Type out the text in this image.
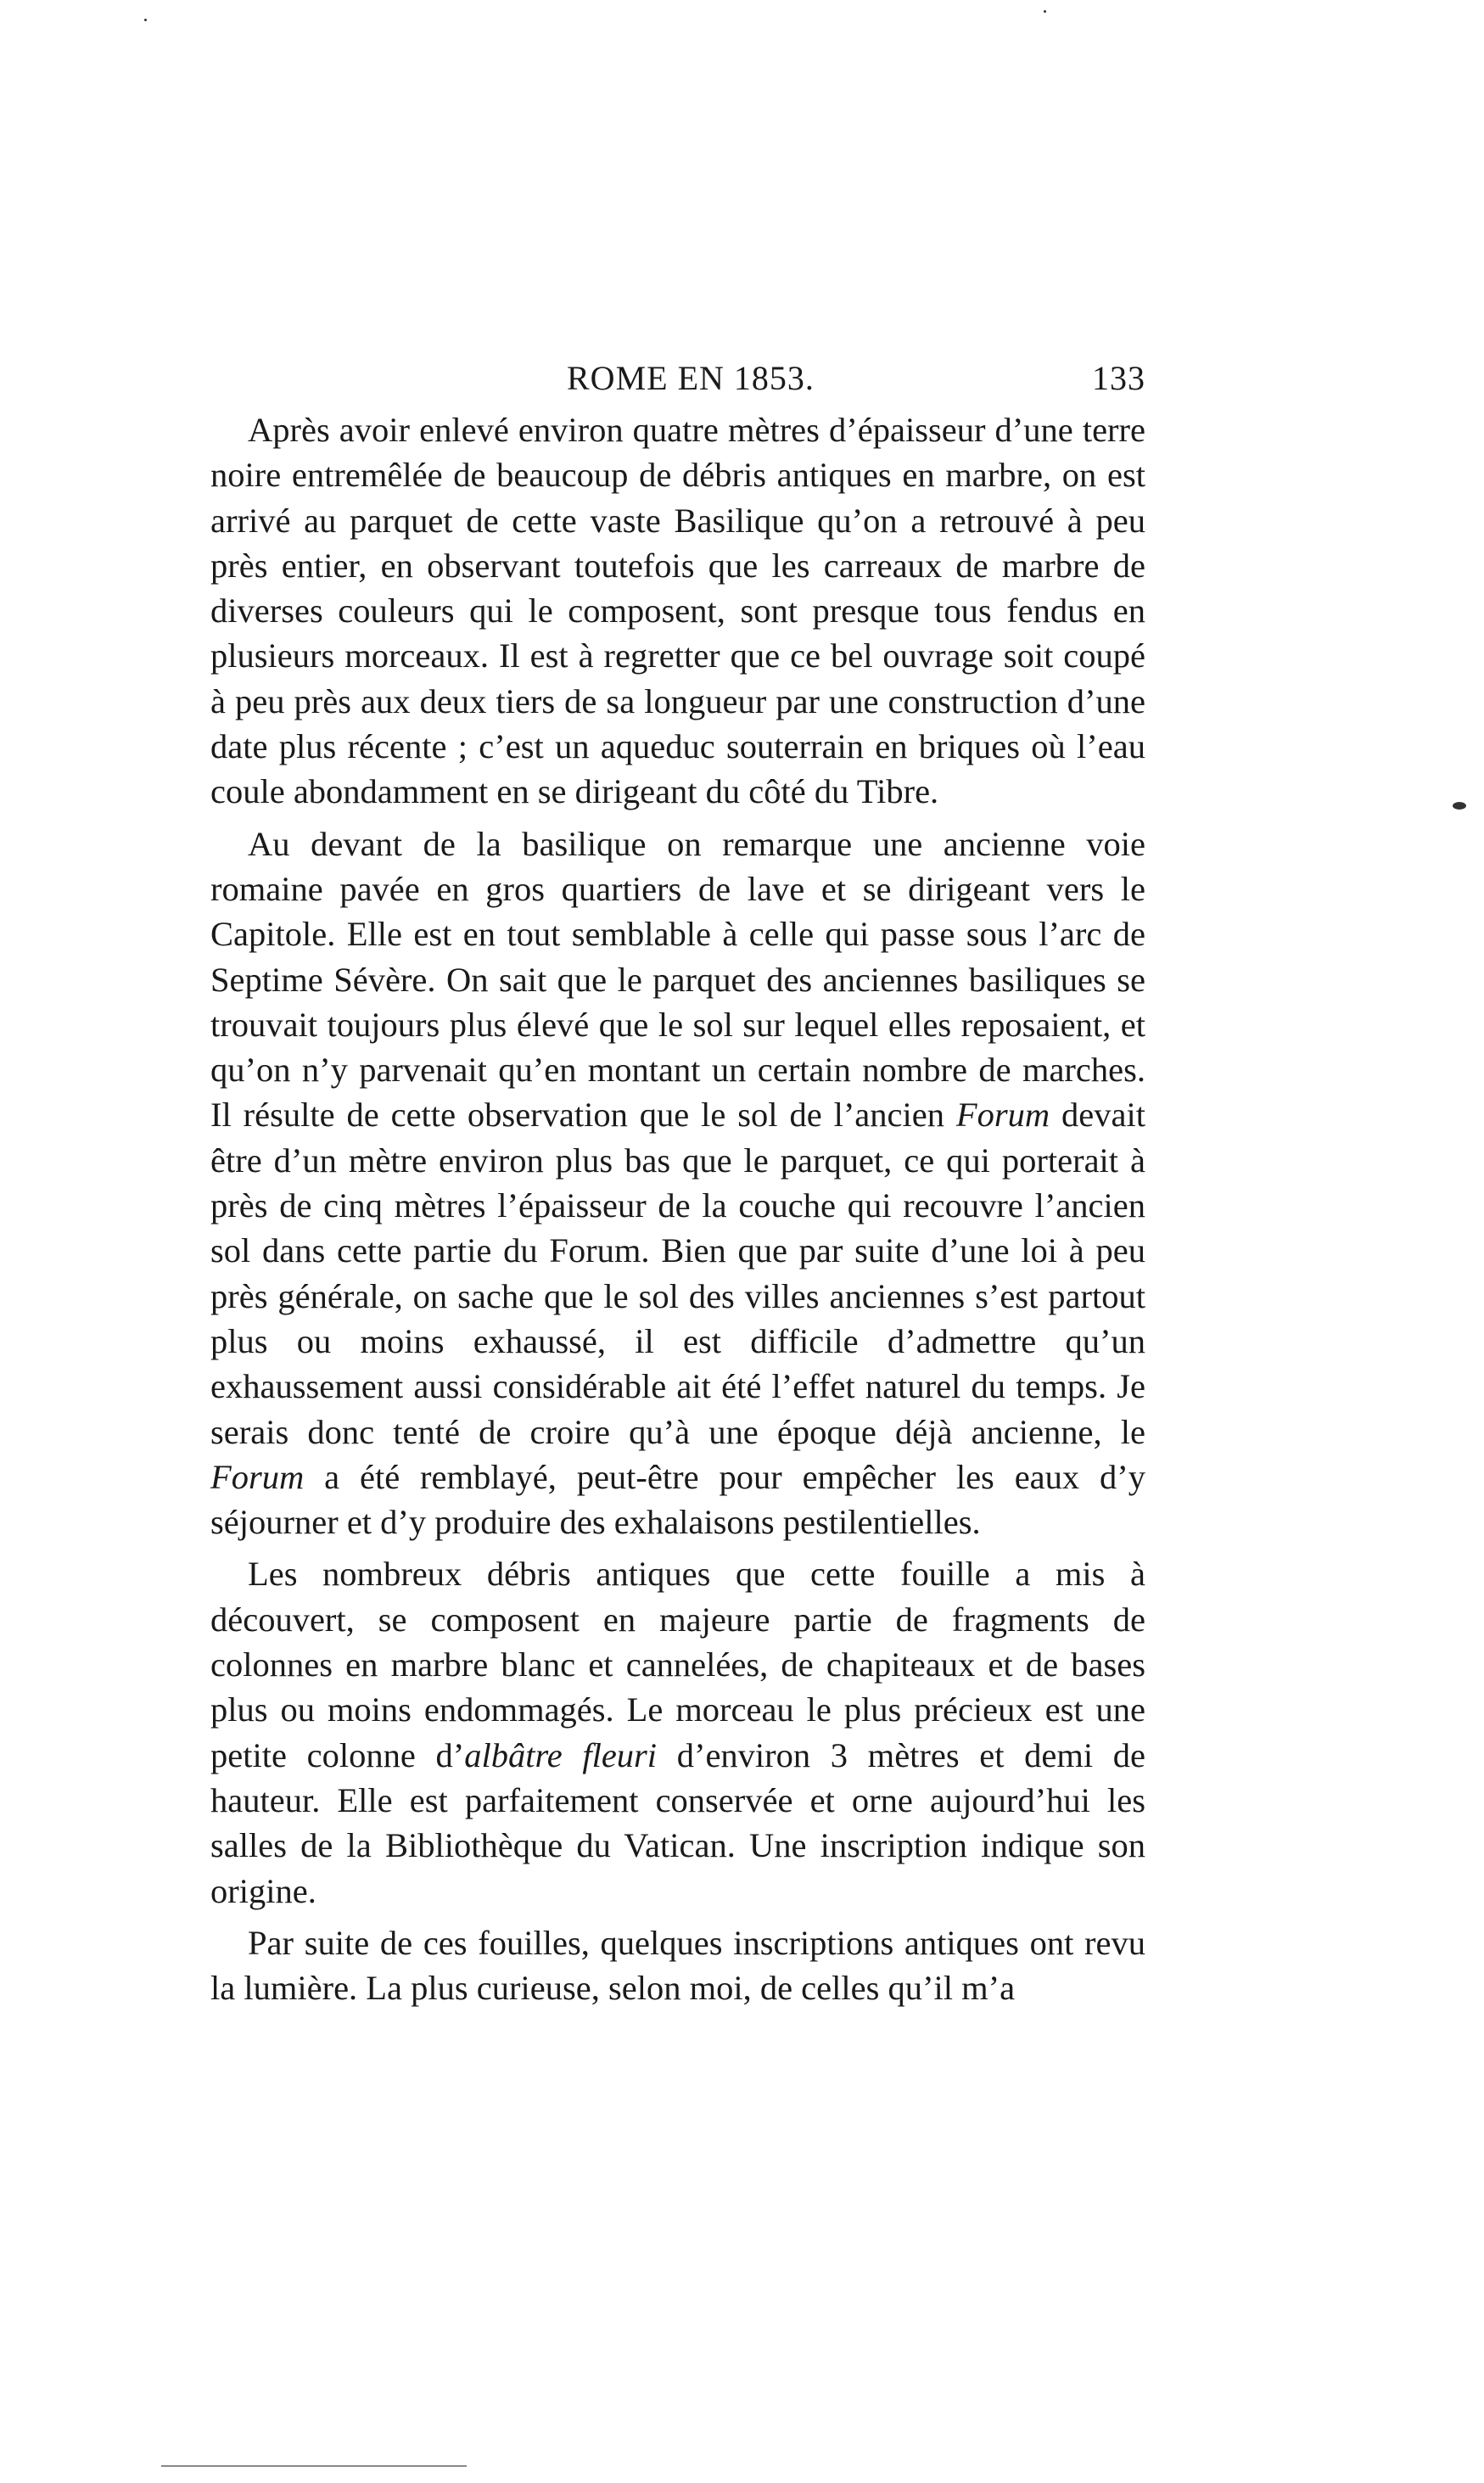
ROME EN 1853.	133

Après avoir enlevé environ quatre mètres d’épaisseur d’une terre noire entremêlée de beaucoup de débris antiques en marbre, on est arrivé au parquet de cette vaste Basilique qu’on a retrouvé à peu près entier, en observant toutefois que les carreaux de marbre de diverses couleurs qui le composent, sont presque tous fendus en plusieurs morceaux. Il est à regretter que ce bel ouvrage soit coupé à peu près aux deux tiers de sa longueur par une construction d’une date plus récente ; c’est un aqueduc souterrain en briques où l’eau coule abondamment en se dirigeant du côté du Tibre.

Au devant de la basilique on remarque une ancienne voie romaine pavée en gros quartiers de lave et se dirigeant vers le Capitole. Elle est en tout semblable à celle qui passe sous l’arc de Septime Sévère. On sait que le parquet des anciennes basiliques se trouvait toujours plus élevé que le sol sur lequel elles reposaient, et qu’on n’y parvenait qu’en montant un certain nombre de marches. Il résulte de cette observation que le sol de l’ancien Forum devait être d’un mètre environ plus bas que le parquet, ce qui porterait à près de cinq mètres l’épaisseur de la couche qui recouvre l’ancien sol dans cette partie du Forum. Bien que par suite d’une loi à peu près générale, on sache que le sol des villes anciennes s’est partout plus ou moins exhaussé, il est difficile d’admettre qu’un exhaussement aussi considérable ait été l’effet naturel du temps. Je serais donc tenté de croire qu’à une époque déjà ancienne, le Forum a été remblayé, peut-être pour empêcher les eaux d’y séjourner et d’y produire des exhalaisons pestilentielles.

Les nombreux débris antiques que cette fouille a mis à découvert, se composent en majeure partie de fragments de colonnes en marbre blanc et cannelées, de chapiteaux et de bases plus ou moins endommagés. Le morceau le plus précieux est une petite colonne d’albâtre fleuri d’environ 3 mètres et demi de hauteur. Elle est parfaitement conservée et orne aujourd’hui les salles de la Bibliothèque du Vatican. Une inscription indique son origine.

Par suite de ces fouilles, quelques inscriptions antiques ont revu la lumière. La plus curieuse, selon moi, de celles qu’il m’a
